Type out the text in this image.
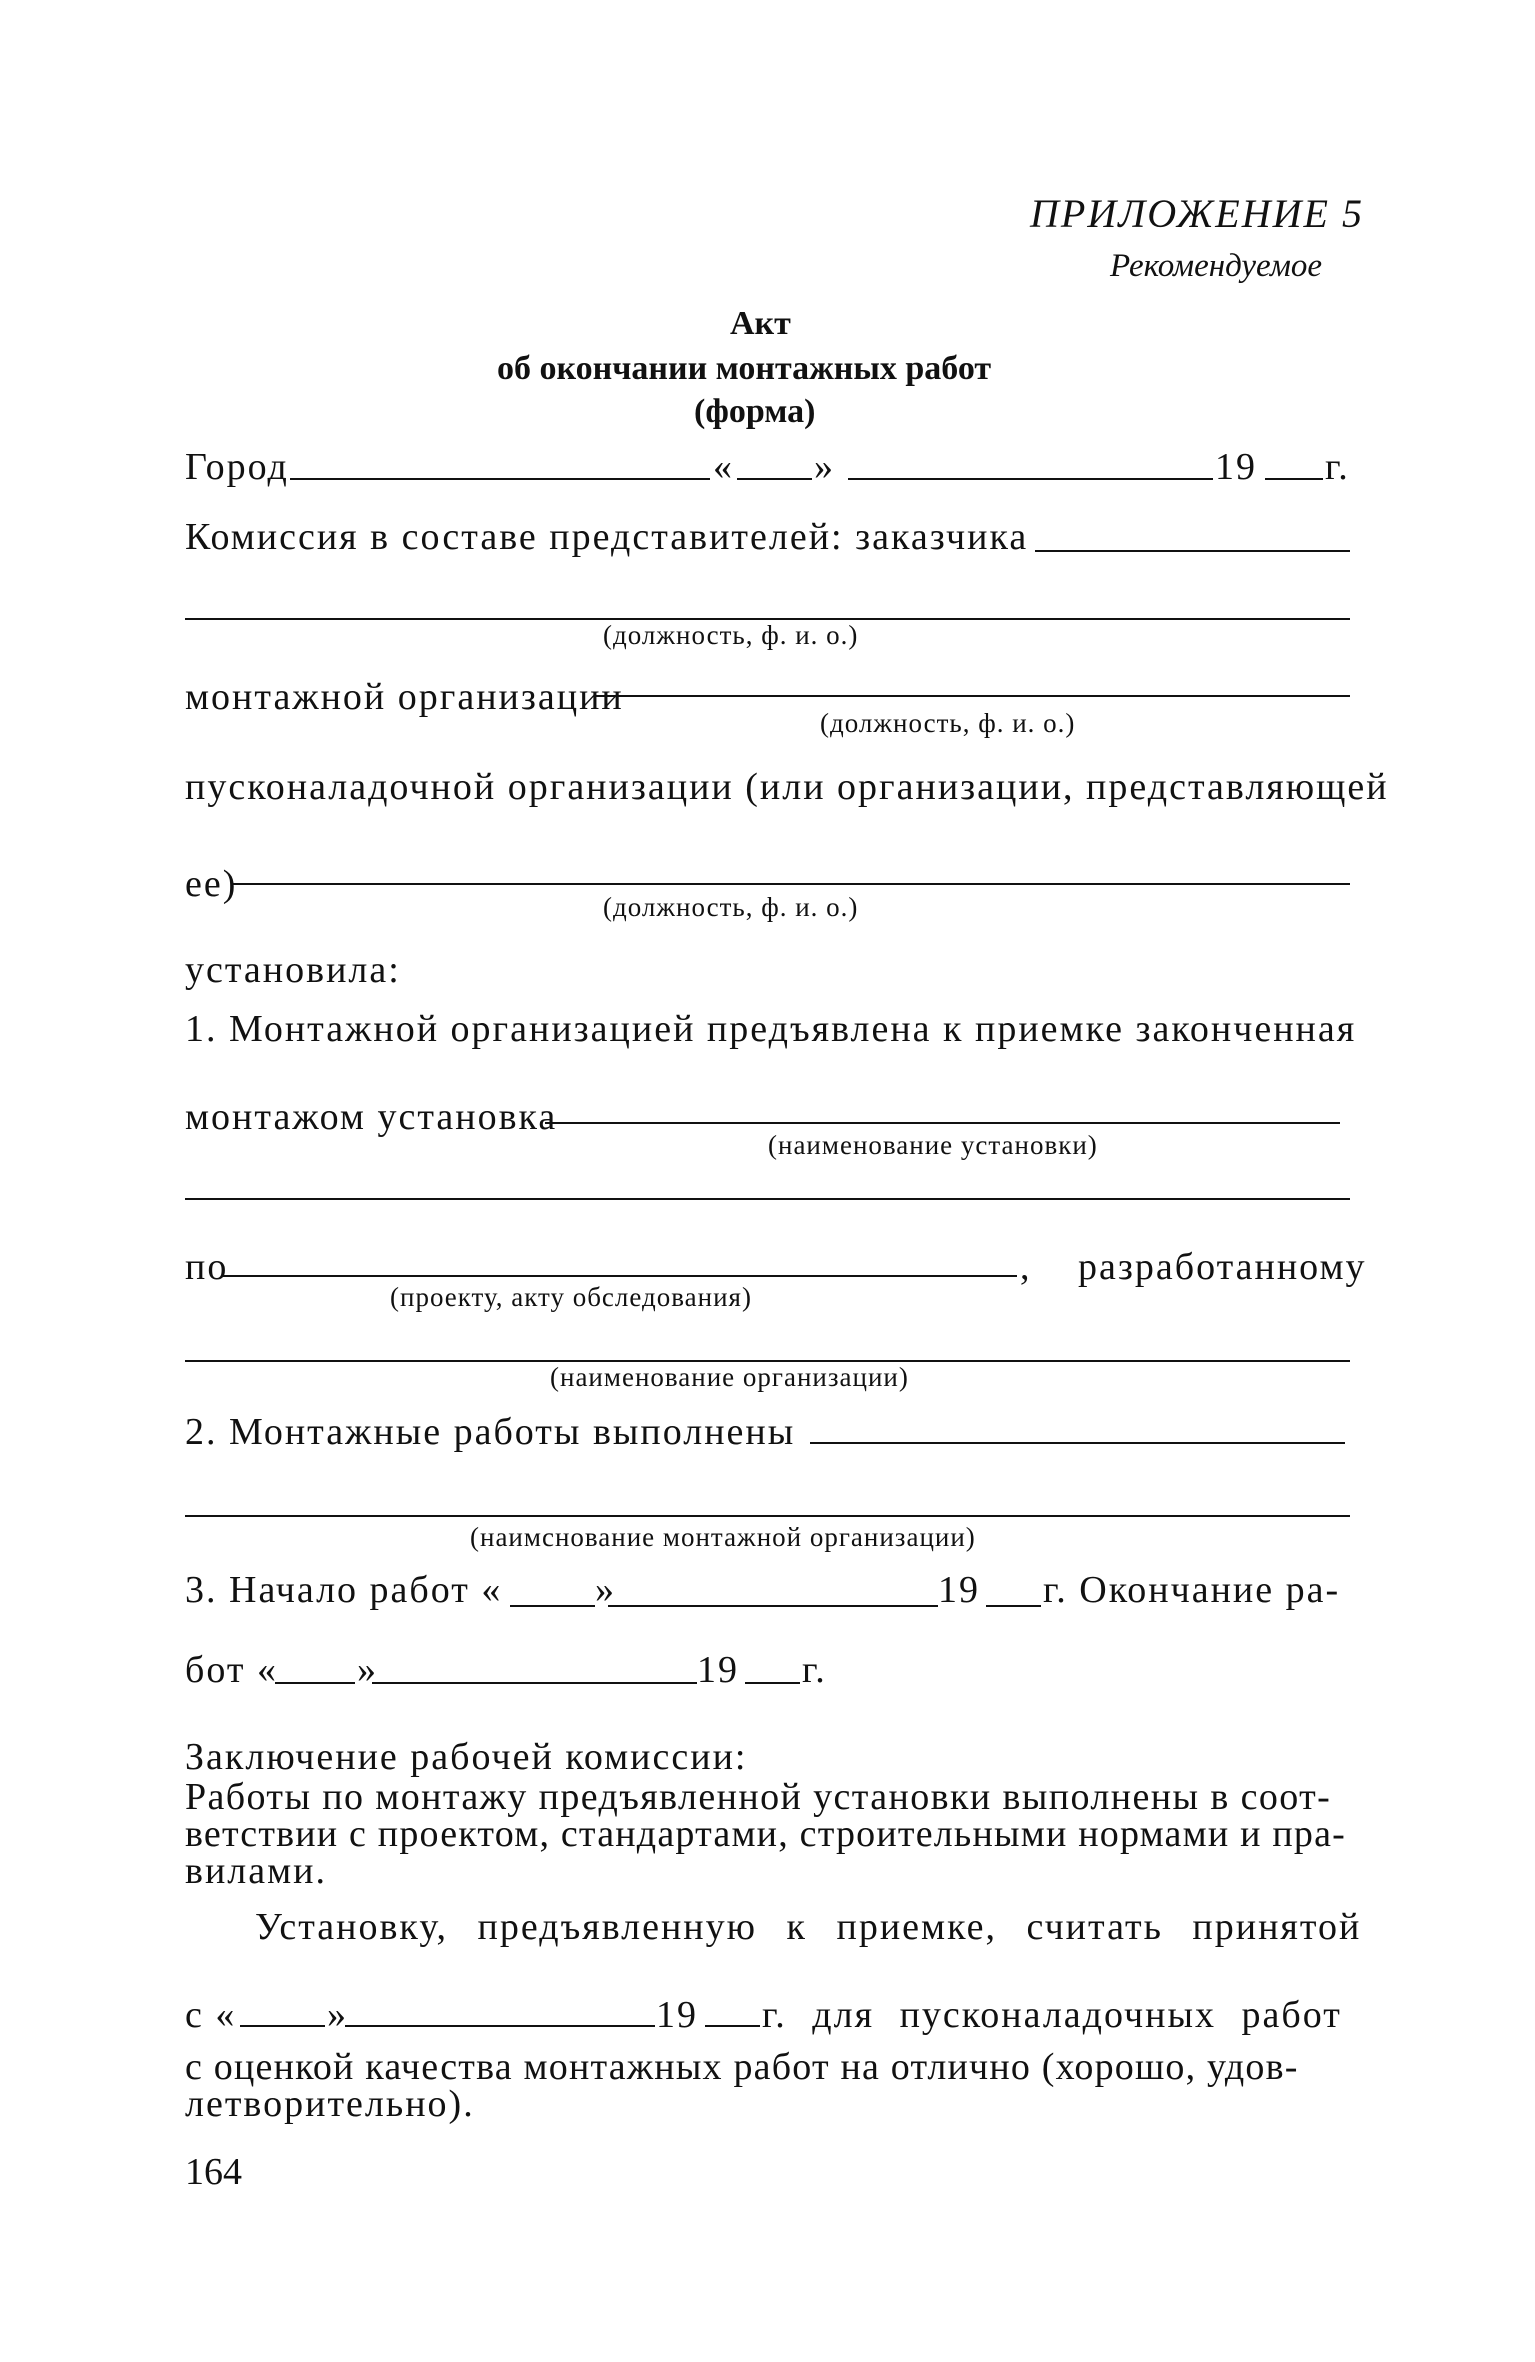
ПРИЛОЖЕНИЕ 5
Рекомендуемое
Акт
об окончании монтажных работ
(форма)
Город	« »	19 г.
Комиссия в составе представителей: заказчика
(должность, ф. и. о.)
монтажной организации
(должность, ф. и. о.)
пусконаладочной организации (или организации, представляющей
ее)
(должность, ф. и. о.)
установила:
1. Монтажной организацией предъявлена к приемке законченная
монтажом установка
(наименование установки)
по	, разработанному
(проекту, акту обследования)
(наименование организации)
2. Монтажные работы выполнены
(наимснование монтажной организации)
3. Начало работ « »	19 г. Окончание ра-
бот « »	19 г.
Заключение рабочей комиссии:
Работы по монтажу предъявленной установки выполнены в соот-
ветствии с проектом, стандартами, строительными нормами и пра-
вилами.
Установку, предъявленную к приемке, считать принятой
с « »	19 г. для пусконаладочных работ
с оценкой качества монтажных работ на отлично (хорошо, удов-
летворительно).
164
